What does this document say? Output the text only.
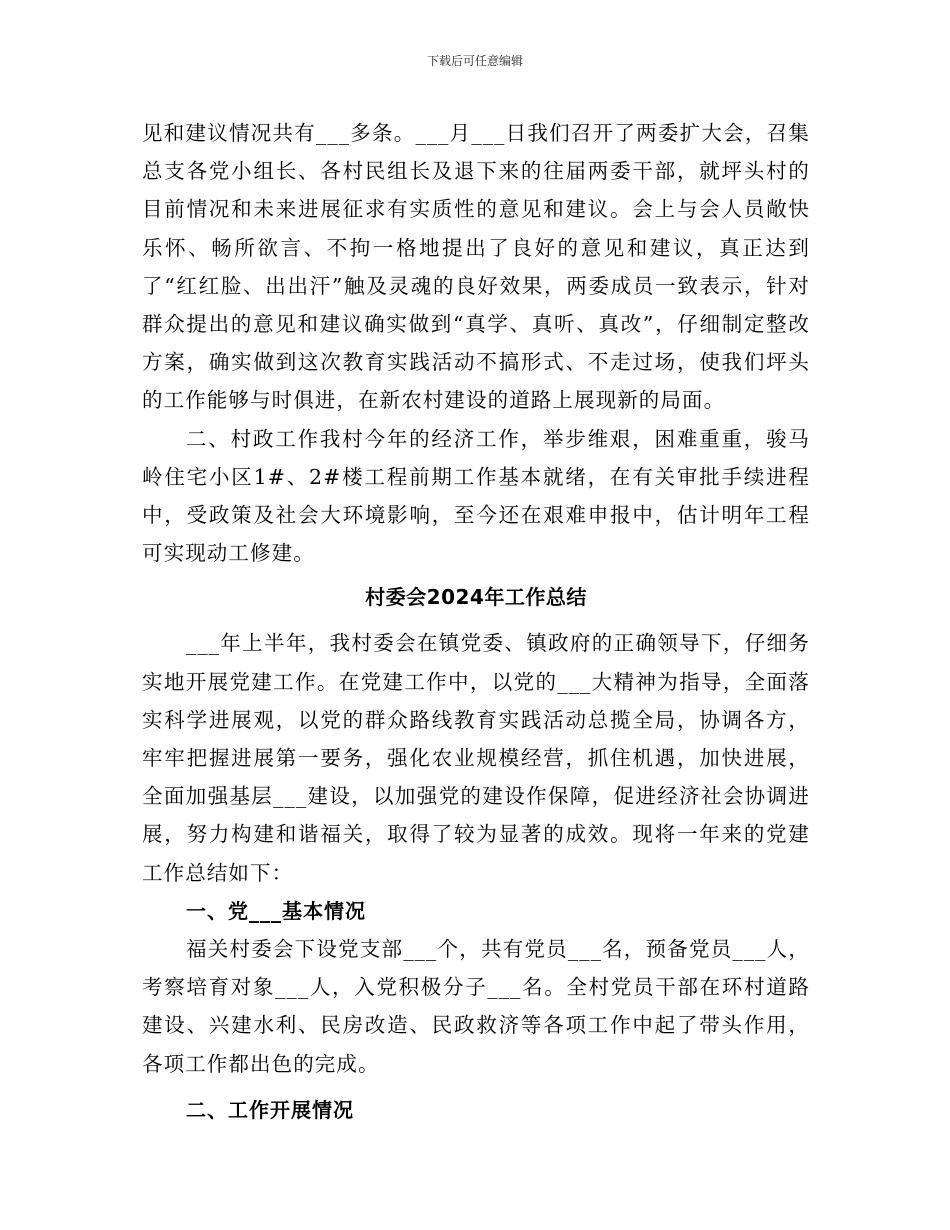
下载后可任意编辑

见和建议情况共有___多条。___月___日我们召开了两委扩大会，召集总支各党小组长、各村民组长及退下来的往届两委干部，就坪头村的目前情况和未来进展征求有实质性的意见和建议。会上与会人员敞快乐怀、畅所欲言、不拘一格地提出了良好的意见和建议，真正达到了“红红脸、出出汗”触及灵魂的良好效果，两委成员一致表示，针对群众提出的意见和建议确实做到“真学、真听、真改”，仔细制定整改方案，确实做到这次教育实践活动不搞形式、不走过场，使我们坪头的工作能够与时俱进，在新农村建设的道路上展现新的局面。

二、村政工作我村今年的经济工作，举步维艰，困难重重，骏马岭住宅小区1#、2#楼工程前期工作基本就绪，在有关审批手续进程中，受政策及社会大环境影响，至今还在艰难申报中，估计明年工程可实现动工修建。

村委会2024年工作总结

___年上半年，我村委会在镇党委、镇政府的正确领导下，仔细务实地开展党建工作。在党建工作中，以党的___大精神为指导，全面落实科学进展观，以党的群众路线教育实践活动总揽全局，协调各方，牢牢把握进展第一要务，强化农业规模经营，抓住机遇，加快进展，全面加强基层___建设，以加强党的建设作保障，促进经济社会协调进展，努力构建和谐福关，取得了较为显著的成效。现将一年来的党建工作总结如下：

一、党___基本情况

福关村委会下设党支部___个，共有党员___名，预备党员___人，考察培育对象___人，入党积极分子___名。全村党员干部在环村道路建设、兴建水利、民房改造、民政救济等各项工作中起了带头作用，各项工作都出色的完成。

二、工作开展情况
